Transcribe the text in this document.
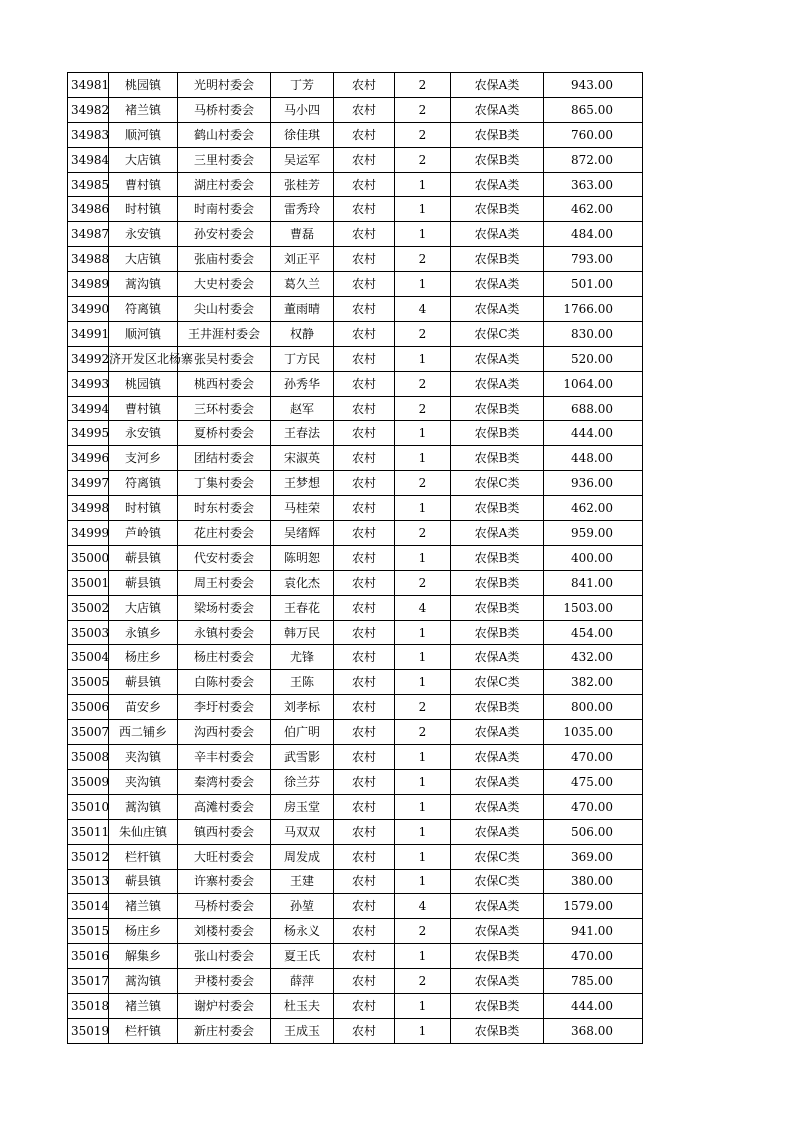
34981	桃园镇	光明村委会	丁芳	农村	2	农保A类	943.00
34982	褚兰镇	马桥村委会	马小四	农村	2	农保A类	865.00
34983	顺河镇	鹤山村委会	徐佳琪	农村	2	农保B类	760.00
34984	大店镇	三里村委会	吴运军	农村	2	农保B类	872.00
34985	曹村镇	湖庄村委会	张桂芳	农村	1	农保A类	363.00
34986	时村镇	时南村委会	雷秀玲	农村	1	农保B类	462.00
34987	永安镇	孙安村委会	曹磊	农村	1	农保A类	484.00
34988	大店镇	张庙村委会	刘正平	农村	2	农保B类	793.00
34989	蒿沟镇	大史村委会	葛久兰	农村	1	农保A类	501.00
34990	符离镇	尖山村委会	董雨晴	农村	4	农保A类	1766.00
34991	顺河镇	王井涯村委会	权静	农村	2	农保C类	830.00
34992	济开发区北杨寨	张吴村委会	丁方民	农村	1	农保A类	520.00
34993	桃园镇	桃西村委会	孙秀华	农村	2	农保A类	1064.00
34994	曹村镇	三环村委会	赵军	农村	2	农保B类	688.00
34995	永安镇	夏桥村委会	王春法	农村	1	农保B类	444.00
34996	支河乡	团结村委会	宋淑英	农村	1	农保B类	448.00
34997	符离镇	丁集村委会	王梦想	农村	2	农保C类	936.00
34998	时村镇	时东村委会	马桂荣	农村	1	农保B类	462.00
34999	芦岭镇	花庄村委会	吴绪辉	农村	2	农保A类	959.00
35000	蕲县镇	代安村委会	陈明恕	农村	1	农保B类	400.00
35001	蕲县镇	周王村委会	袁化杰	农村	2	农保B类	841.00
35002	大店镇	梁场村委会	王春花	农村	4	农保B类	1503.00
35003	永镇乡	永镇村委会	韩万民	农村	1	农保B类	454.00
35004	杨庄乡	杨庄村委会	尤锋	农村	1	农保A类	432.00
35005	蕲县镇	白陈村委会	王陈	农村	1	农保C类	382.00
35006	苗安乡	李圩村委会	刘孝标	农村	2	农保B类	800.00
35007	西二铺乡	沟西村委会	伯广明	农村	2	农保A类	1035.00
35008	夹沟镇	辛丰村委会	武雪影	农村	1	农保A类	470.00
35009	夹沟镇	秦湾村委会	徐兰芬	农村	1	农保A类	475.00
35010	蒿沟镇	高滩村委会	房玉堂	农村	1	农保A类	470.00
35011	朱仙庄镇	镇西村委会	马双双	农村	1	农保A类	506.00
35012	栏杆镇	大旺村委会	周发成	农村	1	农保C类	369.00
35013	蕲县镇	许寨村委会	王建	农村	1	农保C类	380.00
35014	褚兰镇	马桥村委会	孙堃	农村	4	农保A类	1579.00
35015	杨庄乡	刘楼村委会	杨永义	农村	2	农保A类	941.00
35016	解集乡	张山村委会	夏王氏	农村	1	农保B类	470.00
35017	蒿沟镇	尹楼村委会	薛萍	农村	2	农保A类	785.00
35018	褚兰镇	谢炉村委会	杜玉夫	农村	1	农保B类	444.00
35019	栏杆镇	新庄村委会	王成玉	农村	1	农保B类	368.00
